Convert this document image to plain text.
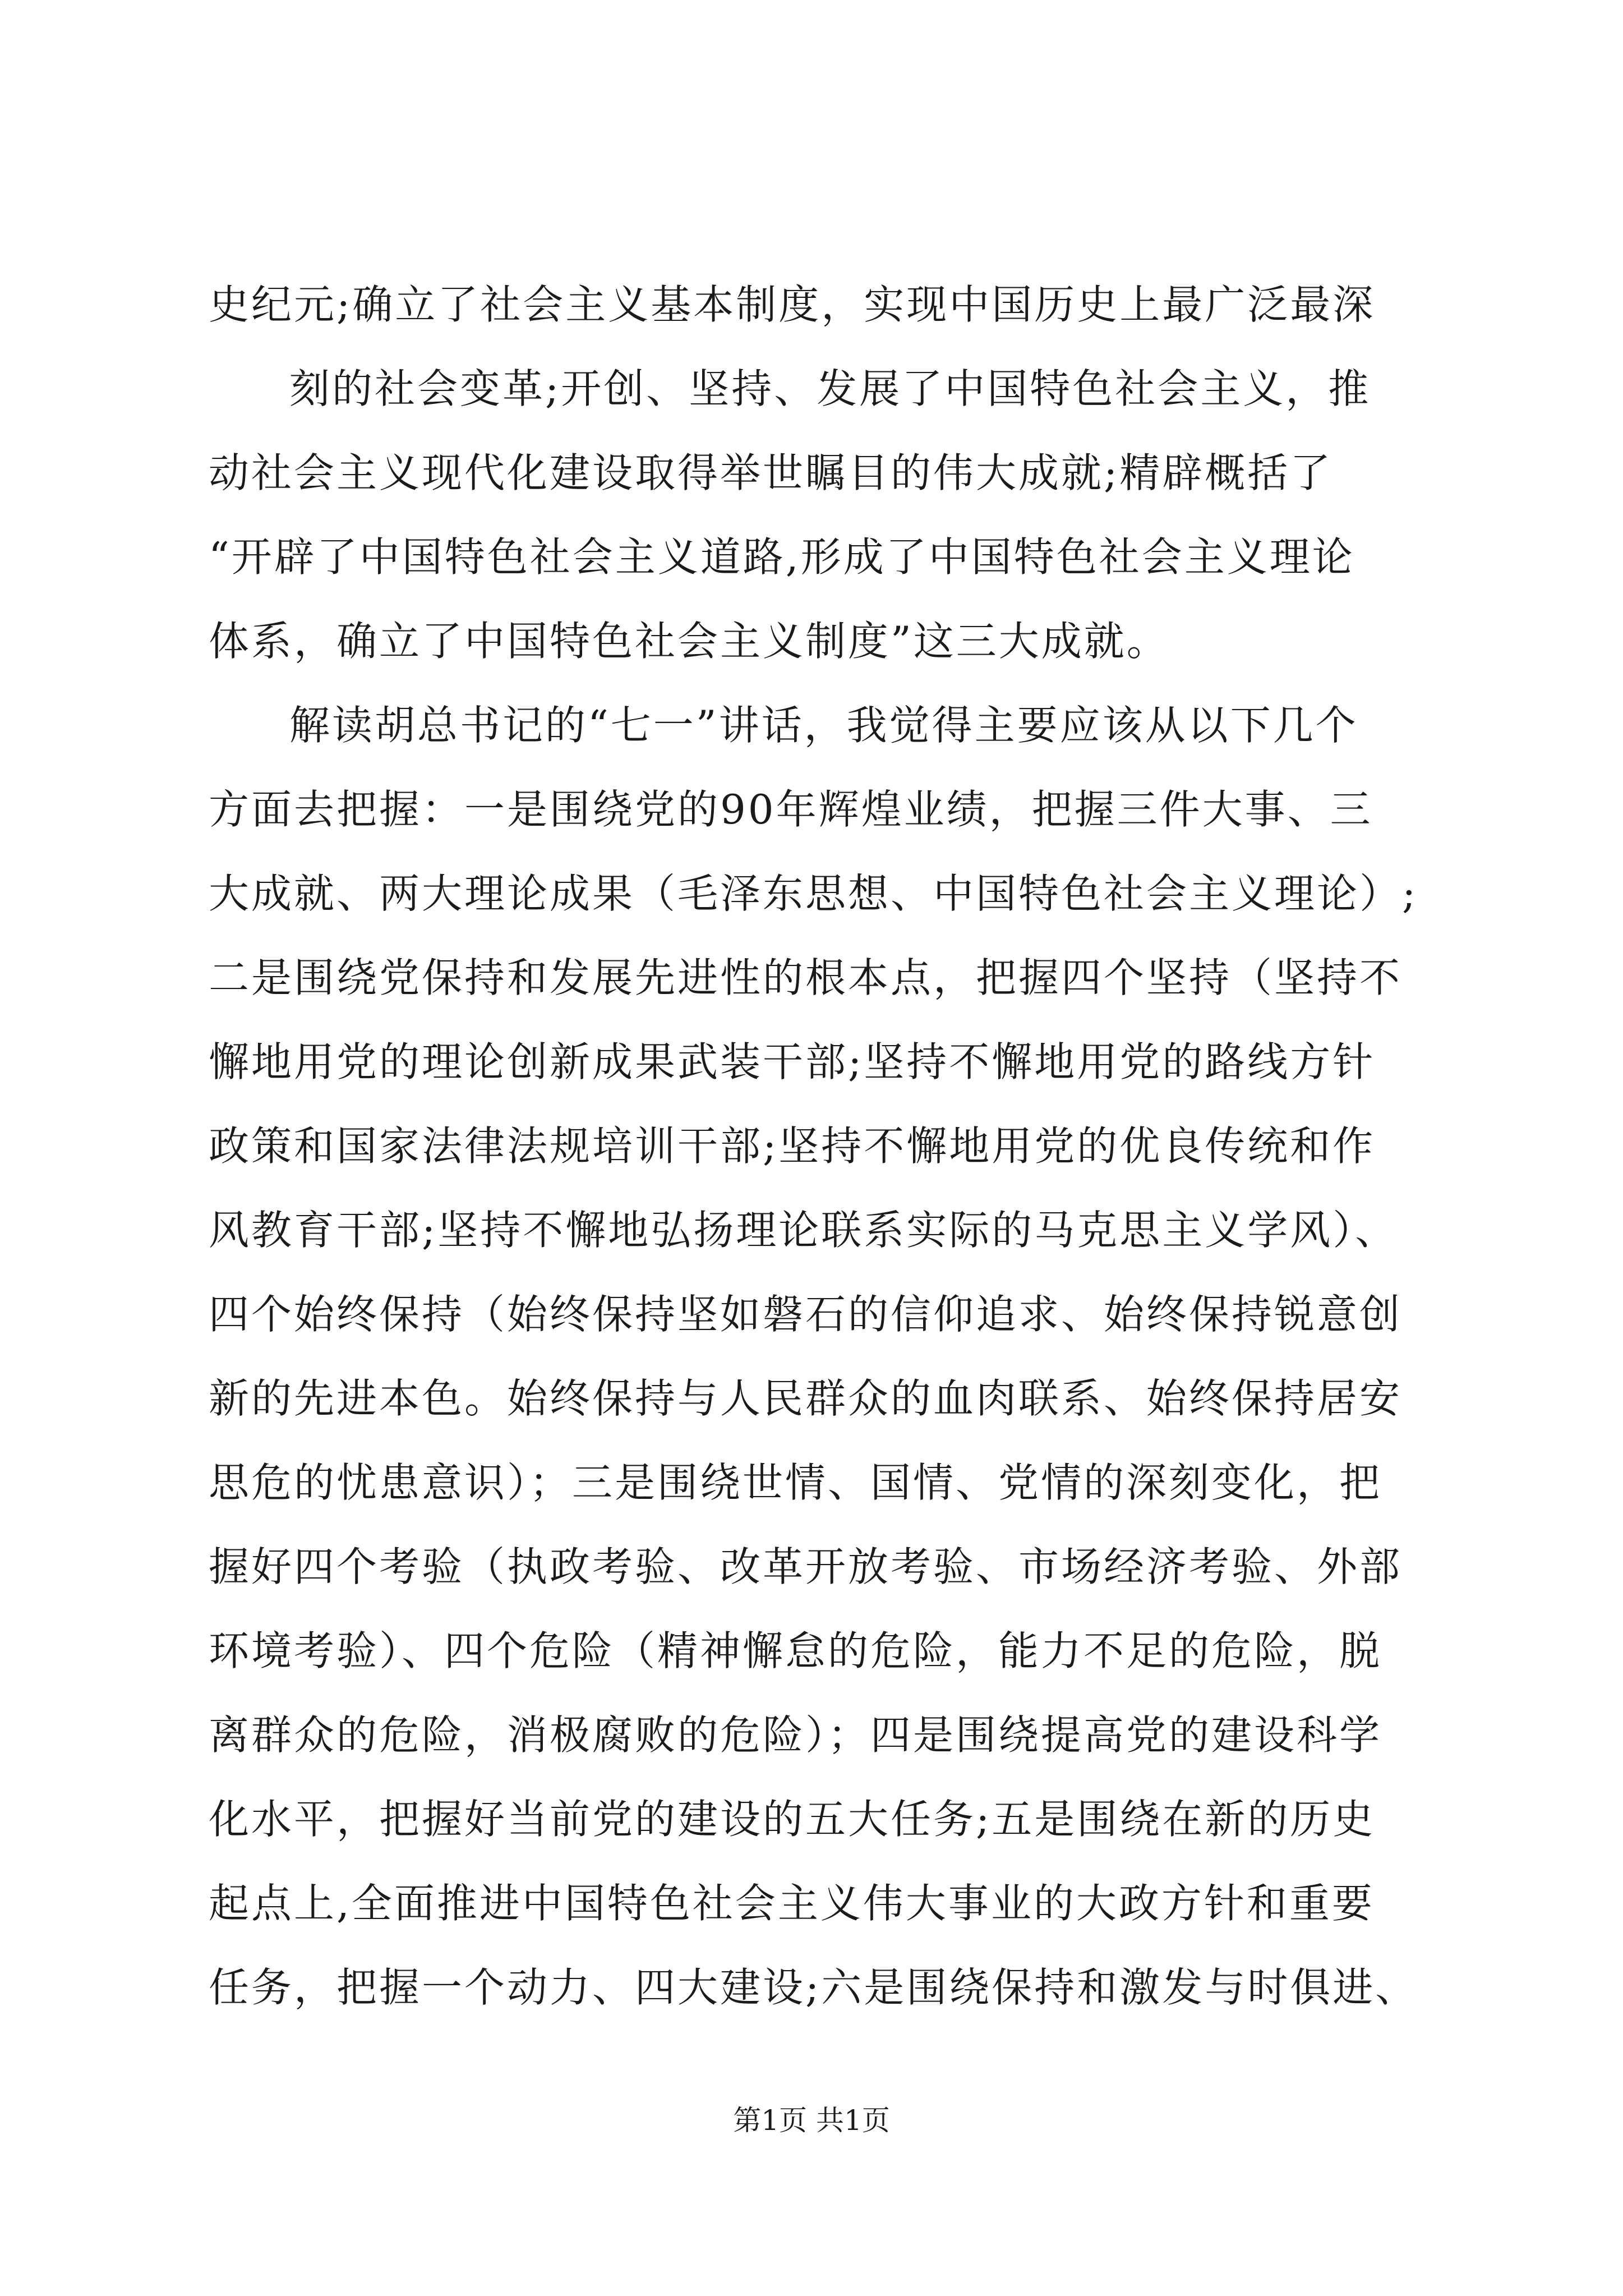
史纪元;确立了社会主义基本制度，实现中国历史上最广泛最深
刻的社会变革;开创、坚持、发展了中国特色社会主义，推
动社会主义现代化建设取得举世瞩目的伟大成就;精辟概括了
“开辟了中国特色社会主义道路,形成了中国特色社会主义理论
体系，确立了中国特色社会主义制度”这三大成就。
解读胡总书记的“七一”讲话，我觉得主要应该从以下几个
方面去把握：一是围绕党的90年辉煌业绩，把握三件大事、三
大成就、两大理论成果（毛泽东思想、中国特色社会主义理论）;
二是围绕党保持和发展先进性的根本点，把握四个坚持（坚持不
懈地用党的理论创新成果武装干部;坚持不懈地用党的路线方针
政策和国家法律法规培训干部;坚持不懈地用党的优良传统和作
风教育干部;坚持不懈地弘扬理论联系实际的马克思主义学风）、
四个始终保持（始终保持坚如磐石的信仰追求、始终保持锐意创
新的先进本色。始终保持与人民群众的血肉联系、始终保持居安
思危的忧患意识）；三是围绕世情、国情、党情的深刻变化，把
握好四个考验（执政考验、改革开放考验、市场经济考验、外部
环境考验）、四个危险（精神懈怠的危险，能力不足的危险，脱
离群众的危险，消极腐败的危险）；四是围绕提高党的建设科学
化水平，把握好当前党的建设的五大任务;五是围绕在新的历史
起点上,全面推进中国特色社会主义伟大事业的大政方针和重要
任务，把握一个动力、四大建设;六是围绕保持和激发与时俱进、
第1页 共1页
